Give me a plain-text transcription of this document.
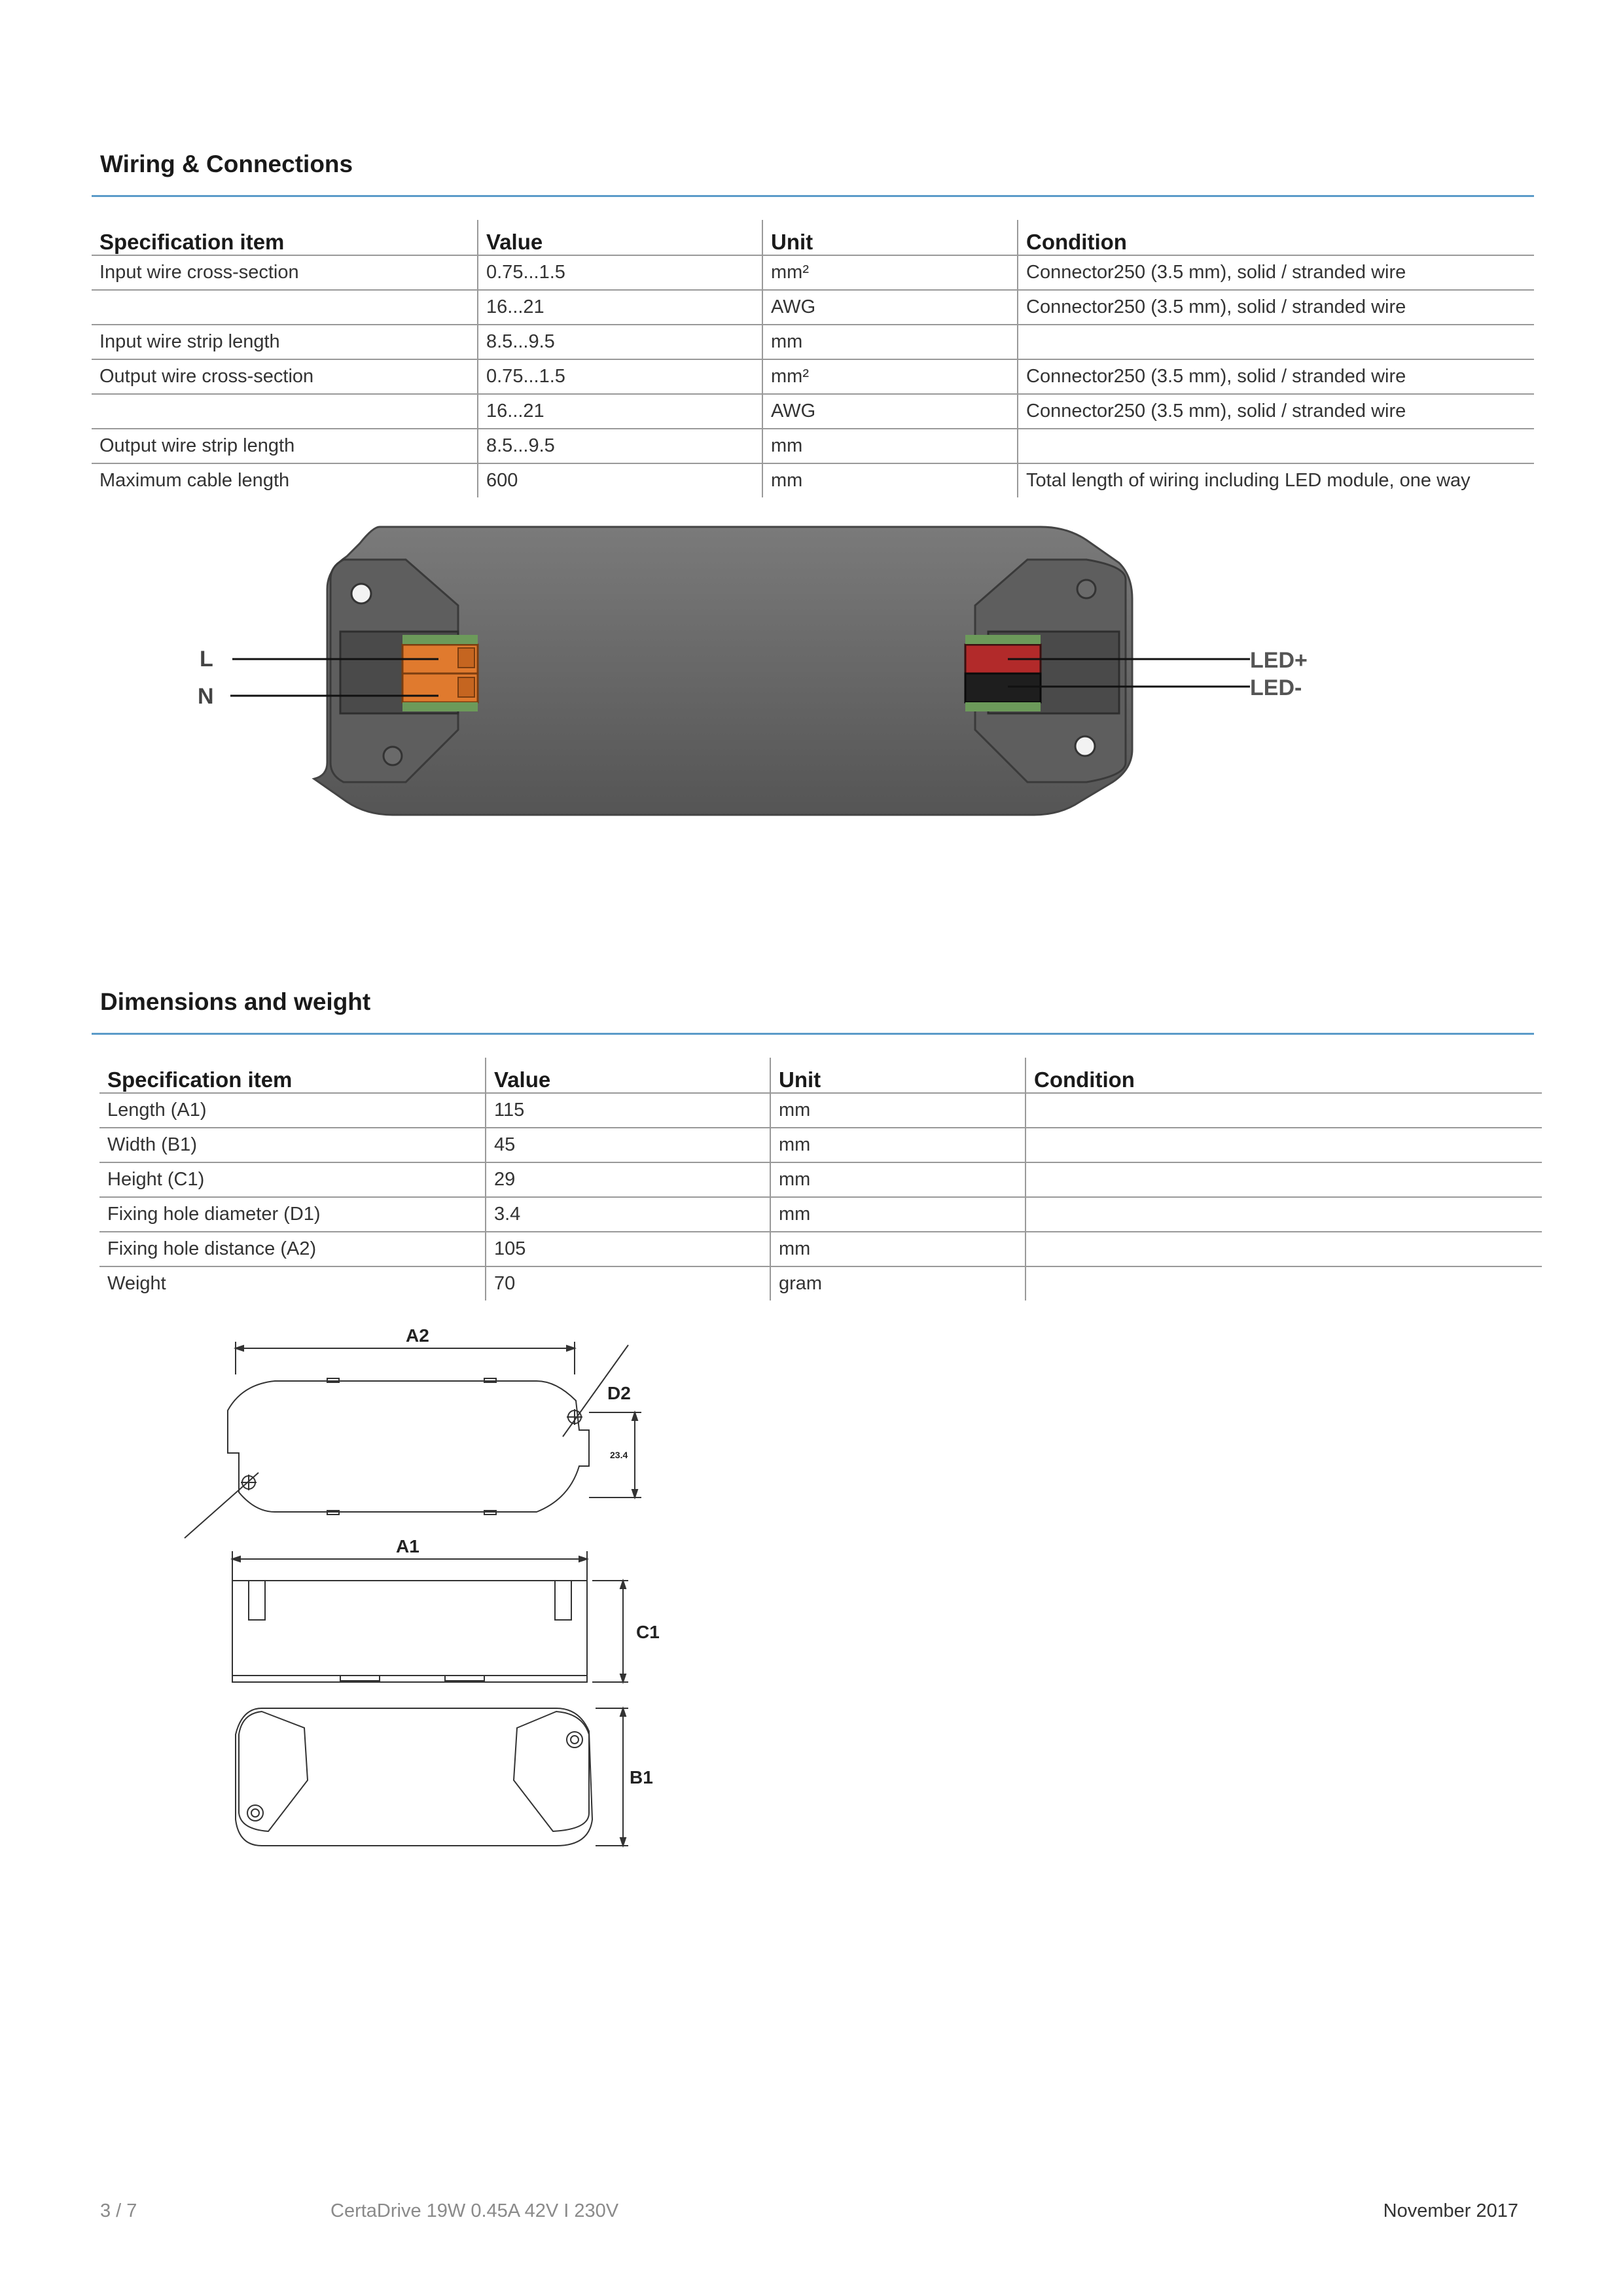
Wiring & Connections
Specification item	Value	Unit	Condition
Input wire cross-section	0.75...1.5	mm²	Connector250 (3.5 mm), solid / stranded wire
	16...21	AWG	Connector250 (3.5 mm), solid / stranded wire
Input wire strip length	8.5...9.5	mm	
Output wire cross-section	0.75...1.5	mm²	Connector250 (3.5 mm), solid / stranded wire
	16...21	AWG	Connector250 (3.5 mm), solid / stranded wire
Output wire strip length	8.5...9.5	mm	
Maximum cable length	600	mm	Total length of wiring including LED module, one way
L
N
LED+
LED-
Dimensions and weight
Specification item	Value	Unit	Condition
Length (A1)	115	mm	
Width (B1)	45	mm	
Height (C1)	29	mm	
Fixing hole diameter (D1)	3.4	mm	
Fixing hole distance (A2)	105	mm	
Weight	70	gram	
A2
D2
23.4
A1
C1
B1
3 / 7	CertaDrive 19W 0.45A 42V I 230V	November 2017
